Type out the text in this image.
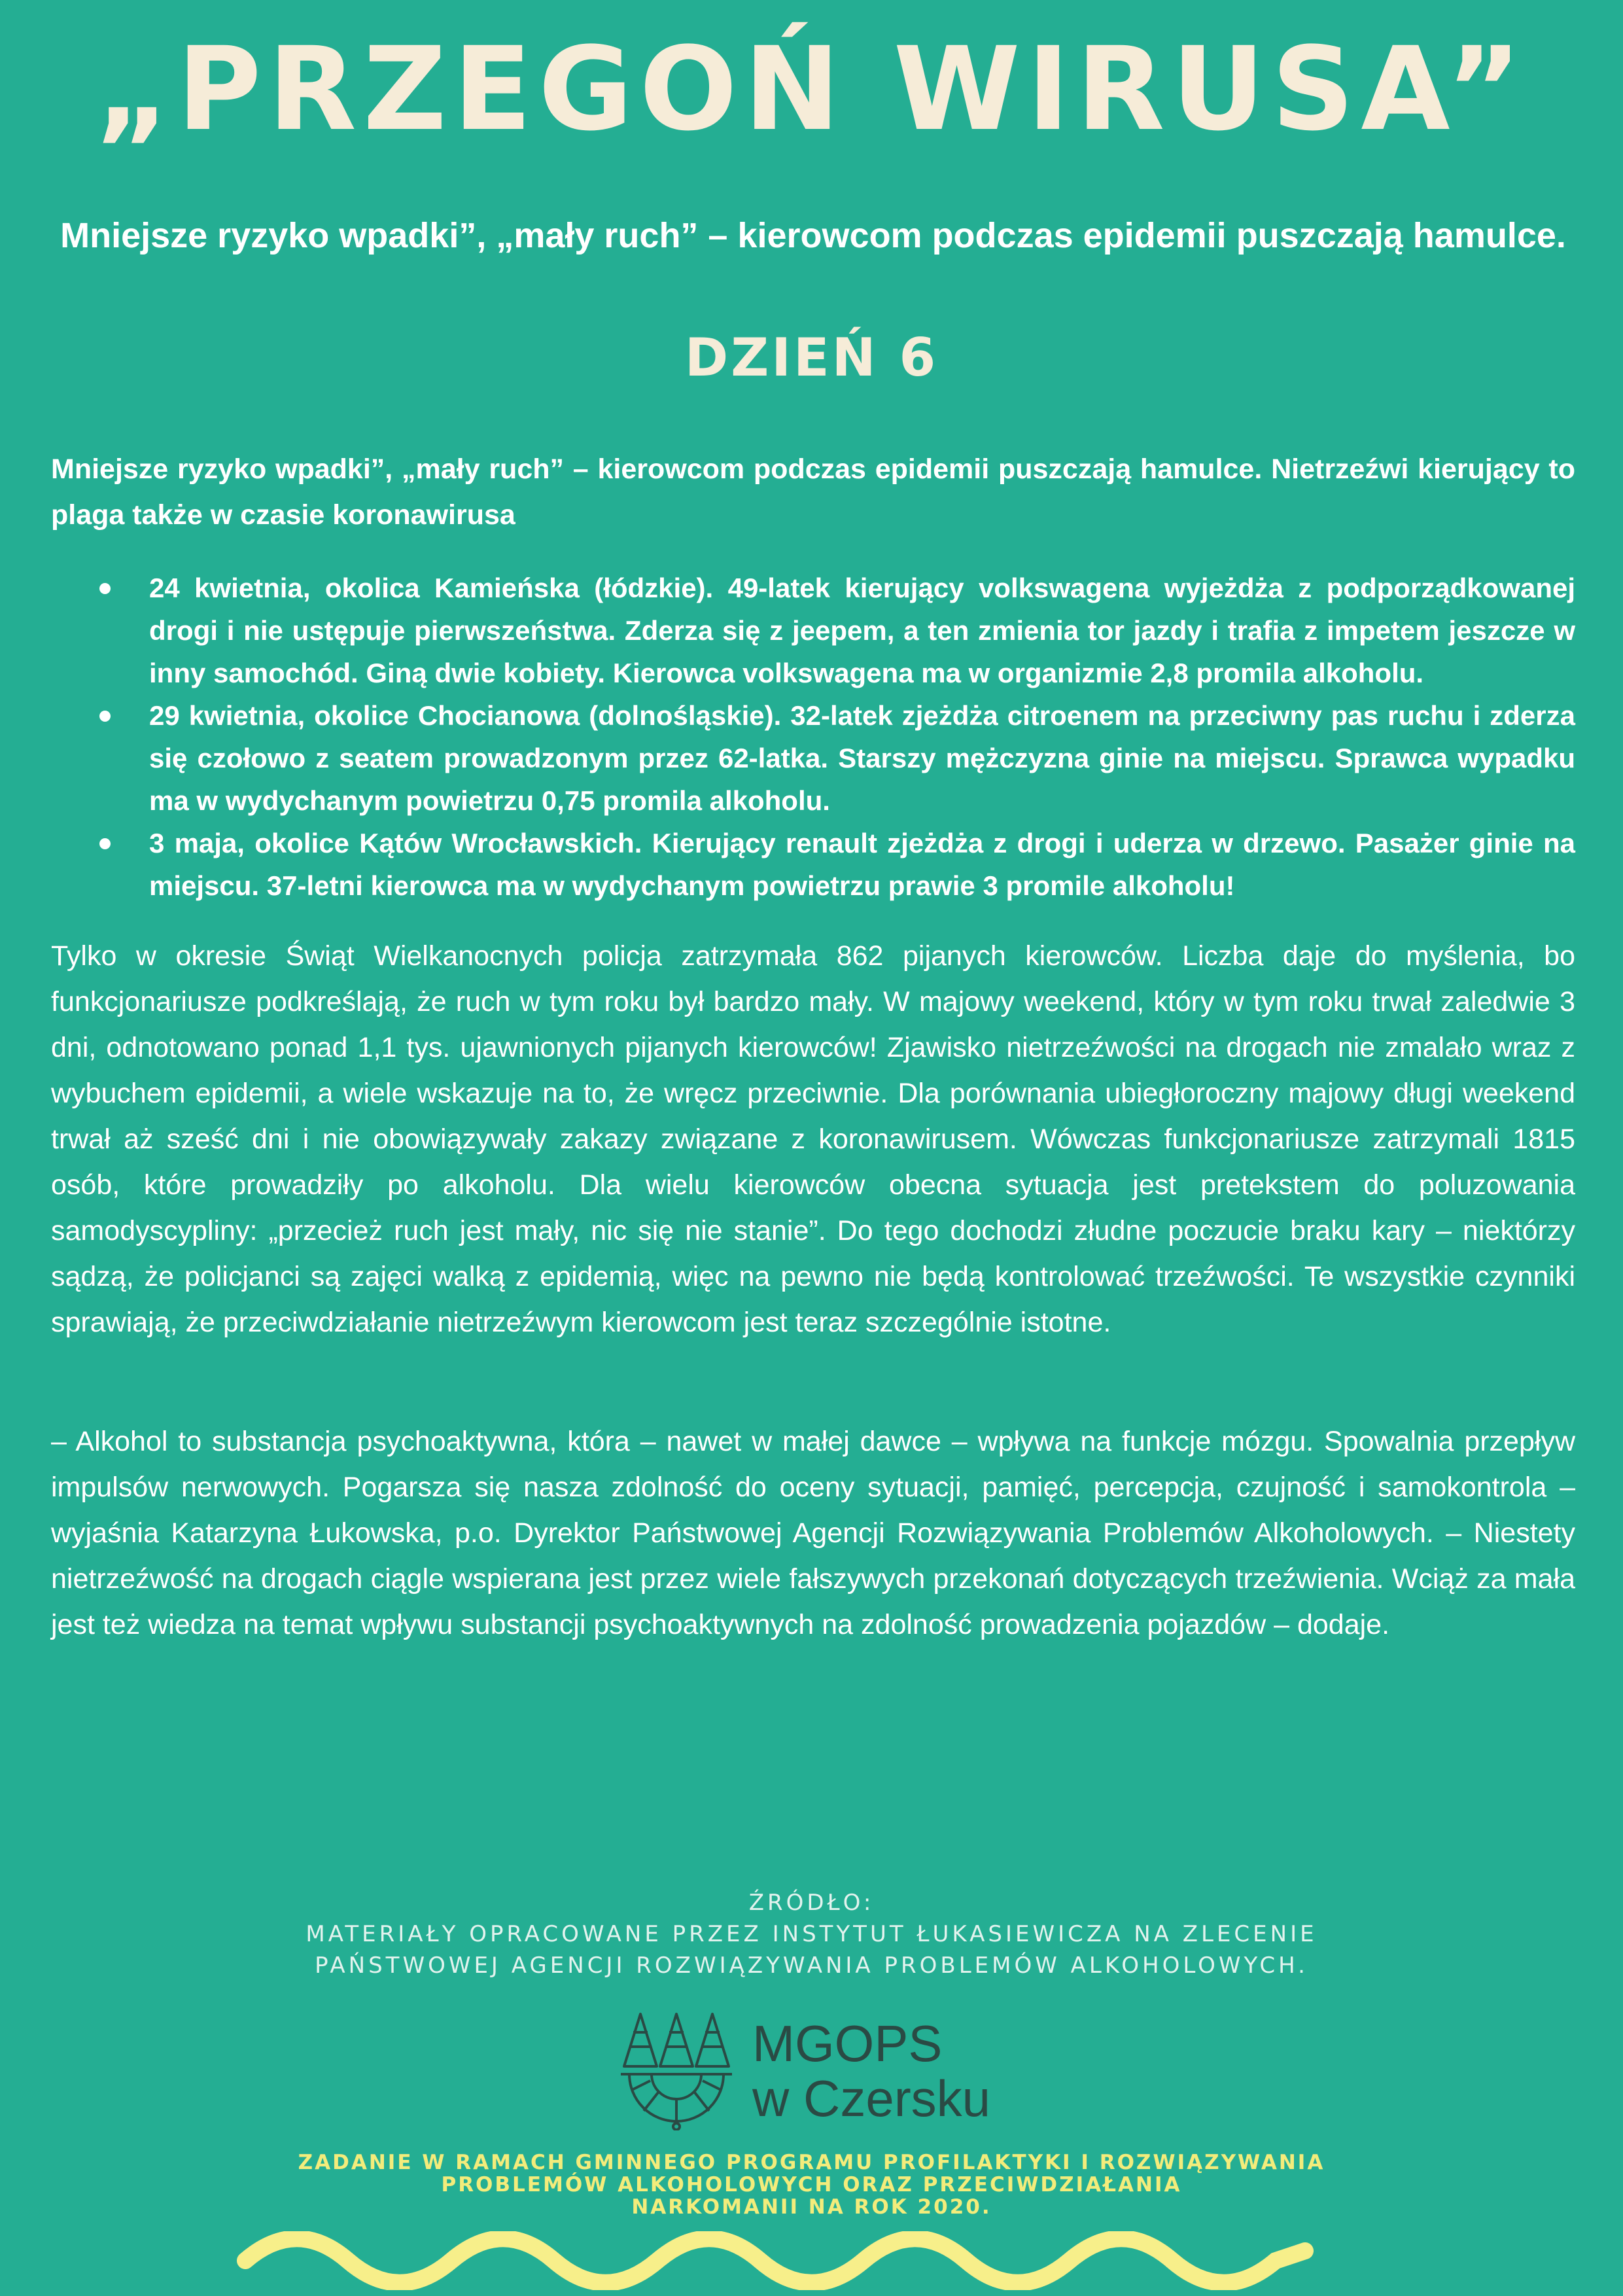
„PRZEGOŃ WIRUSA”
Mniejsze ryzyko wpadki”, „mały ruch” – kierowcom podczas epidemii puszczają hamulce.
DZIEŃ 6
Mniejsze ryzyko wpadki”, „mały ruch” – kierowcom podczas epidemii puszczają hamulce. Nietrzeźwi kierujący to plaga także w czasie koronawirusa
24 kwietnia, okolica Kamieńska (łódzkie). 49-latek kierujący volkswagena wyjeżdża z podporządkowanej drogi i nie ustępuje pierwszeństwa. Zderza się z jeepem, a ten zmienia tor jazdy i trafia z impetem jeszcze w inny samochód. Giną dwie kobiety. Kierowca volkswagena ma w organizmie 2,8 promila alkoholu.
29 kwietnia, okolice Chocianowa (dolnośląskie). 32-latek zjeżdża citroenem na przeciwny pas ruchu i zderza się czołowo z seatem prowadzonym przez 62-latka. Starszy mężczyzna ginie na miejscu. Sprawca wypadku ma w wydychanym powietrzu 0,75 promila alkoholu.
3 maja, okolice Kątów Wrocławskich. Kierujący renault zjeżdża z drogi i uderza w drzewo. Pasażer ginie na miejscu. 37-letni kierowca ma w wydychanym powietrzu prawie 3 promile alkoholu!
Tylko w okresie Świąt Wielkanocnych policja zatrzymała 862 pijanych kierowców. Liczba daje do myślenia, bo funkcjonariusze podkreślają, że ruch w tym roku był bardzo mały. W majowy weekend, który w tym roku trwał zaledwie 3 dni, odnotowano ponad 1,1 tys. ujawnionych pijanych kierowców! Zjawisko nietrzeźwości na drogach nie zmalało wraz z wybuchem epidemii, a wiele wskazuje na to, że wręcz przeciwnie. Dla porównania ubiegłoroczny majowy długi weekend trwał aż sześć dni i nie obowiązywały zakazy związane z koronawirusem. Wówczas funkcjonariusze zatrzymali 1815 osób, które prowadziły po alkoholu. Dla wielu kierowców obecna sytuacja jest pretekstem do poluzowania samodyscypliny: „przecież ruch jest mały, nic się nie stanie”. Do tego dochodzi złudne poczucie braku kary – niektórzy sądzą, że policjanci są zajęci walką z epidemią, więc na pewno nie będą kontrolować trzeźwości. Te wszystkie czynniki sprawiają, że przeciwdziałanie nietrzeźwym kierowcom jest teraz szczególnie istotne.
– Alkohol to substancja psychoaktywna, która – nawet w małej dawce – wpływa na funkcje mózgu. Spowalnia przepływ impulsów nerwowych. Pogarsza się nasza zdolność do oceny sytuacji, pamięć, percepcja, czujność i samokontrola – wyjaśnia Katarzyna Łukowska, p.o. Dyrektor Państwowej Agencji Rozwiązywania Problemów Alkoholowych. – Niestety nietrzeźwość na drogach ciągle wspierana jest przez wiele fałszywych przekonań dotyczących trzeźwienia. Wciąż za mała jest też wiedza na temat wpływu substancji psychoaktywnych na zdolność prowadzenia pojazdów – dodaje.
ŹRÓDŁO:
MATERIAŁY OPRACOWANE PRZEZ INSTYTUT ŁUKASIEWICZA NA ZLECENIE
PAŃSTWOWEJ AGENCJI ROZWIĄZYWANIA PROBLEMÓW ALKOHOLOWYCH.
MGOPS
w Czersku
ZADANIE W RAMACH GMINNEGO PROGRAMU PROFILAKTYKI I ROZWIĄZYWANIA
PROBLEMÓW ALKOHOLOWYCH ORAZ PRZECIWDZIAŁANIA
NARKOMANII NA ROK 2020.
